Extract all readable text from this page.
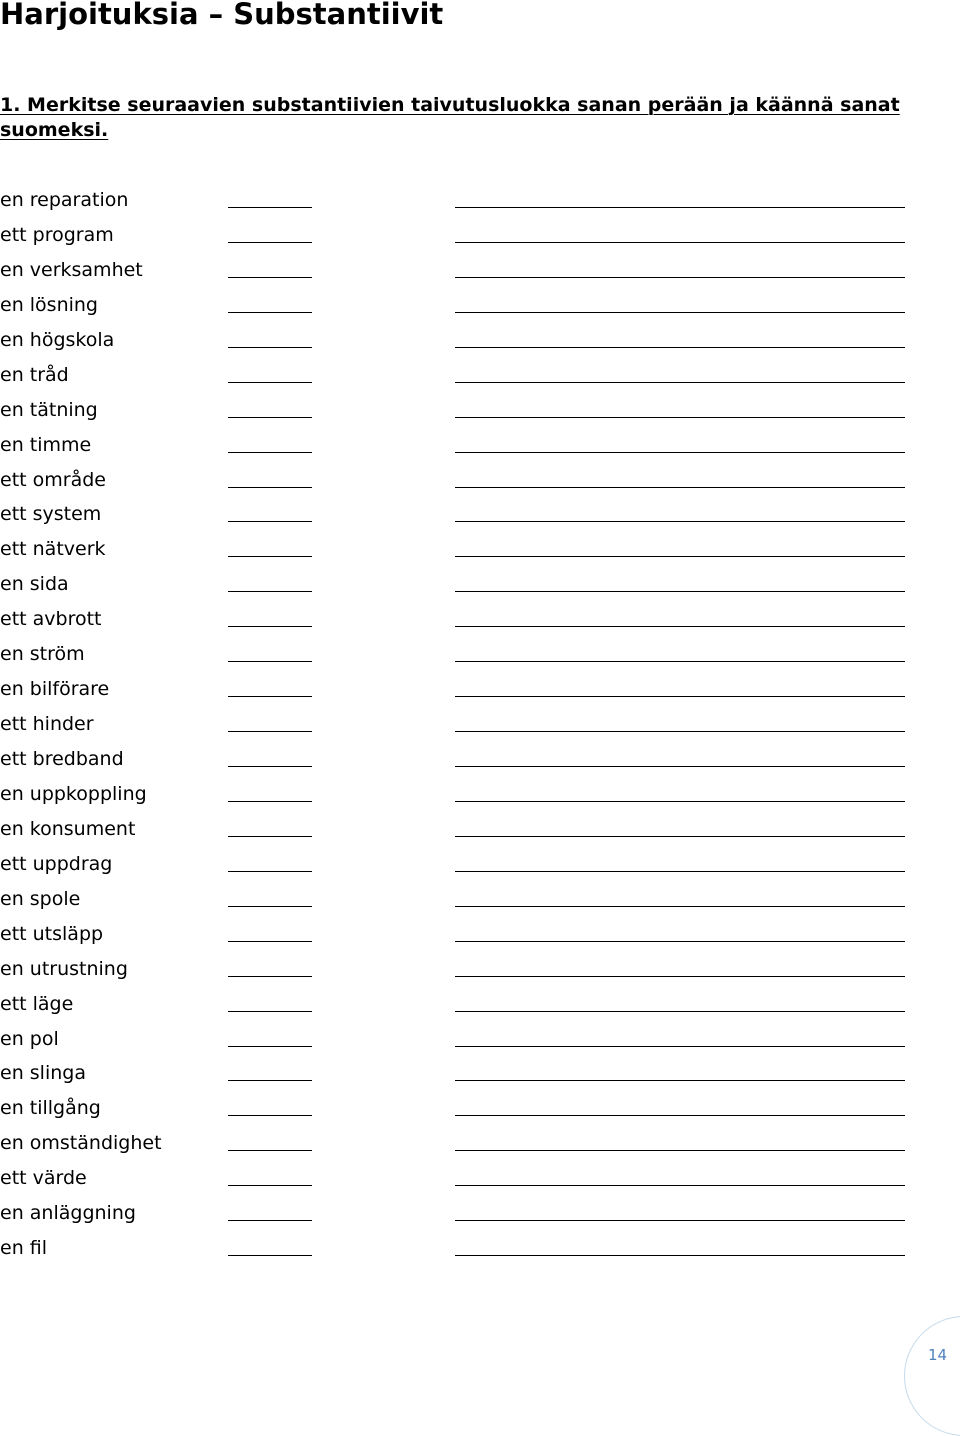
Harjoituksia – Substantiivit

1. Merkitse seuraavien substantiivien taivutusluokka sanan perään ja käännä sanat suomeksi.

en reparation
ett program
en verksamhet
en lösning
en högskola
en tråd
en tätning
en timme
ett område
ett system
ett nätverk
en sida
ett avbrott
en ström
en bilförare
ett hinder
ett bredband
en uppkoppling
en konsument
ett uppdrag
en spole
ett utsläpp
en utrustning
ett läge
en pol
en slinga
en tillgång
en omständighet
ett värde
en anläggning
en fil
14
